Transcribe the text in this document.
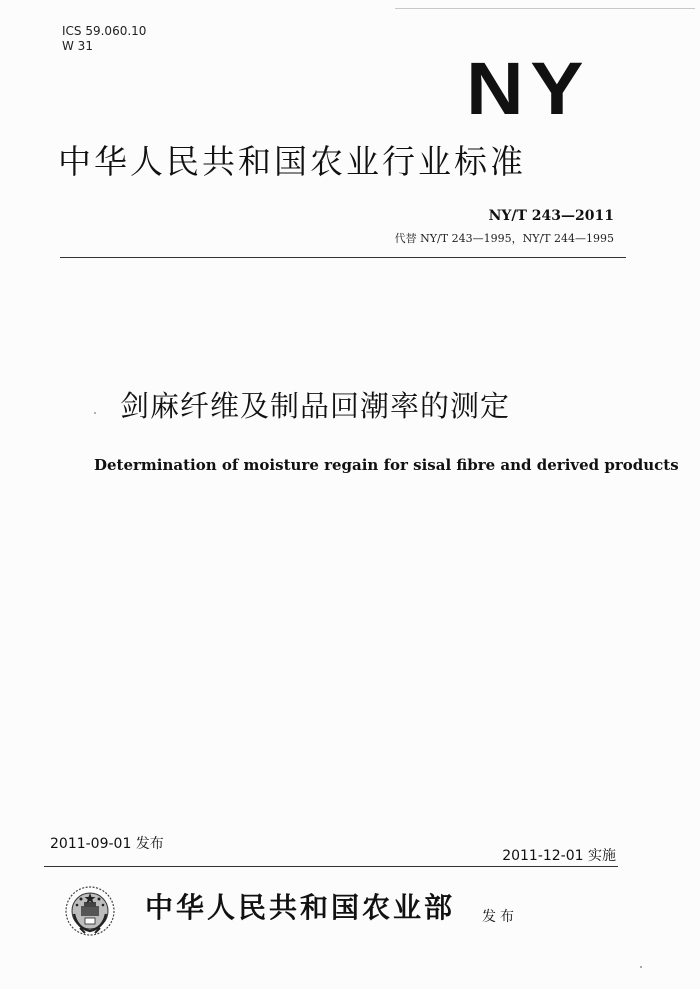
ICS 59.060.10
W 31
NY
中华人民共和国农业行业标准
NY/T 243—2011
代替 NY/T 243—1995，NY/T 244—1995
剑麻纤维及制品回潮率的测定
Determination of moisture regain for sisal fibre and derived products
2011-09-01 发布
2011-12-01 实施
中华人民共和国农业部 发布
